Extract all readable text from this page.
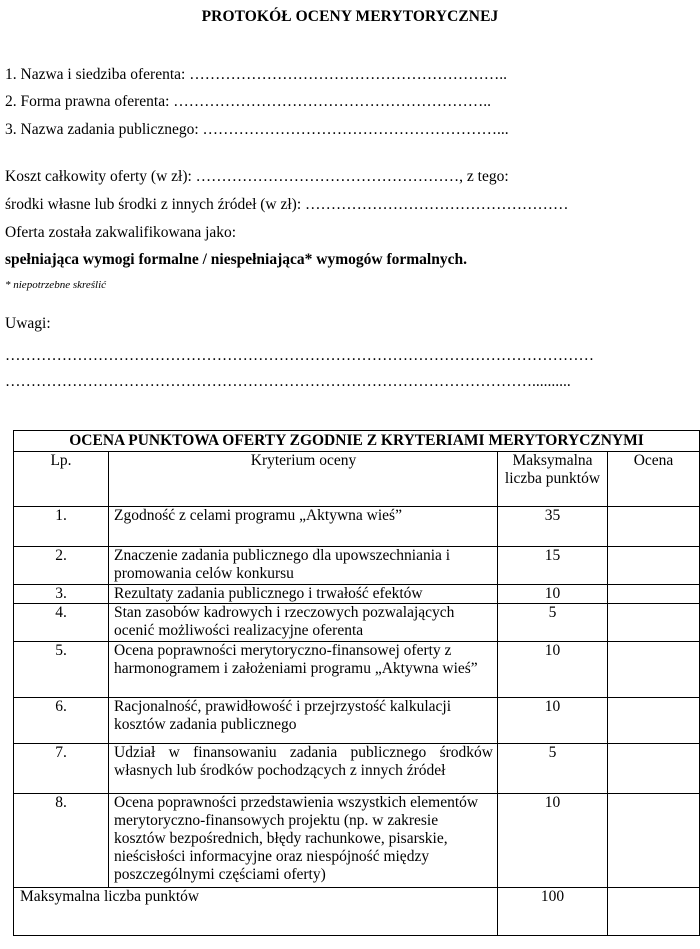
PROTOKÓŁ OCENY MERYTORYCZNEJ
1. Nazwa i siedziba oferenta: ……………………………………………………..
2. Forma prawna oferenta: ……………………………………………………..
3. Nazwa zadania publicznego: …………………………………………………...
Koszt całkowity oferty (w zł): ……………………………………………, z tego:
środki własne lub środki z innych źródeł (w zł): ……………………………………………
Oferta została zakwalifikowana jako:
spełniająca wymogi formalne / niespełniająca* wymogów formalnych.
* niepotrzebne skreślić
Uwagi:
……………………………………………………………………………………………………
…………………………………………………………………………………………..........
OCENA PUNKTOWA OFERTY ZGODNIE Z KRYTERIAMI MERYTORYCZNYMI			
Lp.	Kryterium oceny	Maksymalna liczba punktów	Ocena
1.	Zgodność z celami programu „Aktywna wieś”	35	
2.	Znaczenie zadania publicznego dla upowszechniania i promowania celów konkursu	15	
3.	Rezultaty zadania publicznego i trwałość efektów	10	
4.	Stan zasobów kadrowych i rzeczowych pozwalających ocenić możliwości realizacyjne oferenta	5	
5.	Ocena poprawności merytoryczno-finansowej oferty z harmonogramem i założeniami programu „Aktywna wieś”	10	
6.	Racjonalność, prawidłowość i przejrzystość kalkulacji kosztów zadania publicznego	10	
7.	Udział w finansowaniu zadania publicznego środków własnych lub środków pochodzących z innych źródeł	5	
8.	Ocena poprawności przedstawienia wszystkich elementów merytoryczno-finansowych projektu (np. w zakresie kosztów bezpośrednich, błędy rachunkowe, pisarskie, nieścisłości informacyjne oraz niespójność między poszczególnymi częściami oferty)	10	
Maksymalna liczba punktów		100	
